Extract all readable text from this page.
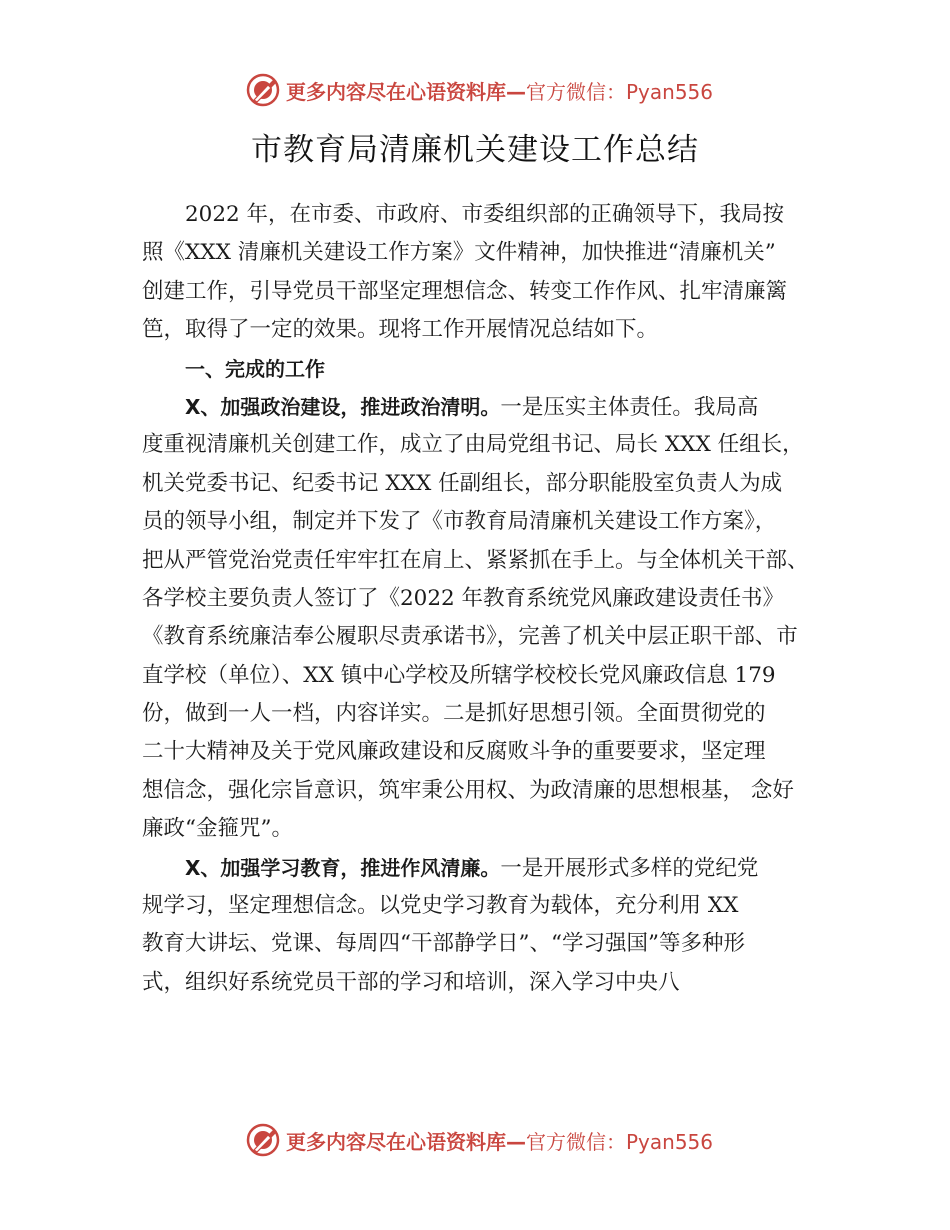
更多内容尽在心语资料库—官方微信：Pyan556
市教育局清廉机关建设工作总结
2022 年，在市委、市政府、市委组织部的正确领导下，我局按
照《XXX 清廉机关建设工作方案》文件精神，加快推进“清廉机关”
创建工作，引导党员干部坚定理想信念、转变工作作风、扎牢清廉篱
笆，取得了一定的效果。现将工作开展情况总结如下。
一、完成的工作
X、加强政治建设，推进政治清明。一是压实主体责任。我局高
度重视清廉机关创建工作，成立了由局党组书记、局长 XXX 任组长，
机关党委书记、纪委书记 XXX 任副组长，部分职能股室负责人为成
员的领导小组，制定并下发了《市教育局清廉机关建设工作方案》，
把从严管党治党责任牢牢扛在肩上、紧紧抓在手上。与全体机关干部、
各学校主要负责人签订了《2022 年教育系统党风廉政建设责任书》
《教育系统廉洁奉公履职尽责承诺书》，完善了机关中层正职干部、市
直学校（单位）、XX 镇中心学校及所辖学校校长党风廉政信息 179
份，做到一人一档，内容详实。二是抓好思想引领。全面贯彻党的
二十大精神及关于党风廉政建设和反腐败斗争的重要要求，坚定理
想信念，强化宗旨意识，筑牢秉公用权、为政清廉的思想根基， 念好
廉政“金箍咒”。
X、加强学习教育，推进作风清廉。一是开展形式多样的党纪党
规学习，坚定理想信念。以党史学习教育为载体，充分利用 XX
教育大讲坛、党课、每周四“干部静学日”、“学习强国”等多种形
式，组织好系统党员干部的学习和培训，深入学习中央八
更多内容尽在心语资料库—官方微信：Pyan556
